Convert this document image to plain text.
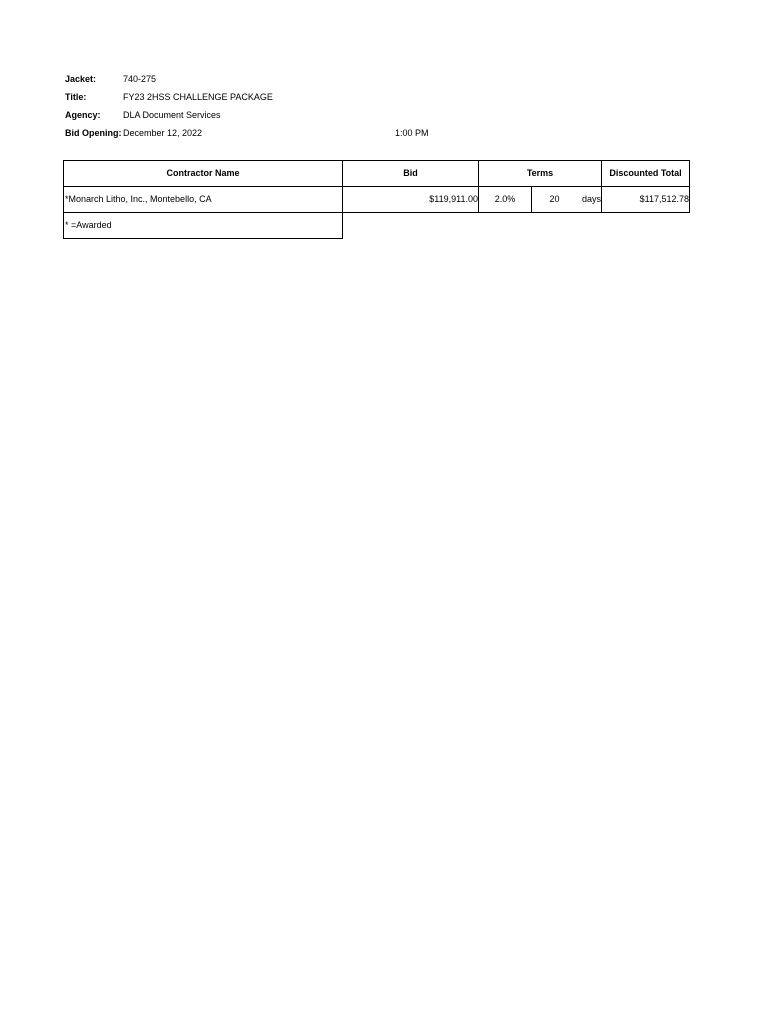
Jacket:	740-275
Title:	FY23 2HSS CHALLENGE PACKAGE
Agency: DLA Document Services
Bid Opening: December 12, 2022	1:00 PM
Contractor Name	Bid	Terms	Discounted Total
*Monarch Litho, Inc., Montebello, CA	$119,911.00	2.0%	20	days	$117,512.78
* =Awarded
